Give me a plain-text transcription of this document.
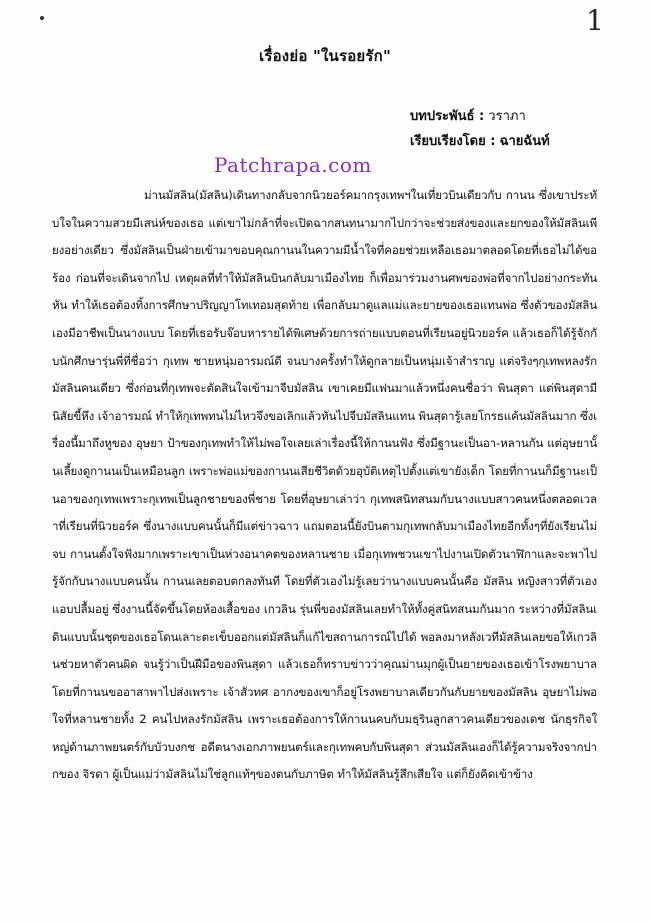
1
เรื่องย่อ "ในรอยรัก"
บทประพันธ์ : วราภา
เรียบเรียงโดย : ฉายฉันท์
Patchrapa.com

ม่านมัสลิน(มัสลิน)เดินทางกลับจากนิวยอร์คมากรุงเทพฯในเที่ยวบินเดียวกับ กานน ซึ่งเขาประทับใจในความสวยมีเสน่ห์ของเธอ แต่เขาไม่กล้าที่จะเปิดฉากสนทนามากไปกว่าจะช่วยส่งของและยกของให้มัสลินเพียงอย่างเดียว ซึ่งมัสลินเป็นฝ่ายเข้ามาขอบคุณกานนในความมีน้ำใจที่คอยช่วยเหลือเธอมาตลอดโดยที่เธอไม่ได้ขอร้อง ก่อนที่จะเดินจากไป เหตุผลที่ทำให้มัสลินบินกลับมาเมืองไทย ก็เพื่อมาร่วมงานศพของพ่อที่จากไปอย่างกระทันหัน ทำให้เธอต้องทิ้งการศึกษาปริญญาโทเทอมสุดท้าย เพื่อกลับมาดูแลแม่และยายของเธอแทนพ่อ ซึ่งตัวของมัสลินเองมีอาชีพเป็นนางแบบ โดยที่เธอรับจ๊อบหารายได้พิเศษด้วยการถ่ายแบบตอนที่เรียนอยู่นิวยอร์ค แล้วเธอก็ได้รู้จักกับนักศึกษารุ่นพี่ที่ชื่อว่า กุเทพ ชายหนุ่มอารมณ์ดี จนบางครั้งทำให้ดูกลายเป็นหนุ่มเจ้าสำราญ แต่จริงๆกุเทพหลงรักมัสลินคนเดียว ซึ่งก่อนที่กุเทพจะตัดสินใจเข้ามาจีบมัสลิน เขาเคยมีแฟนมาแล้วหนึ่งคนชื่อว่า พินสุดา แต่พินสุดามีนิสัยขี้หึง เจ้าอารมณ์ ทำให้กุเทพทนไม่ไหวจึงขอเลิกแล้วหันไปจีบมัสลินแทน พินสุดารู้เลยโกรธแค้นมัสลินมาก ซึ่งเรื่องนี้มาถึงหูของ อุษยา ป้าของกุเทพทำให้ไม่พอใจเลยเล่าเรื่องนี้ให้กานนฟัง ซึ่งมีฐานะเป็นอา-หลานกัน แต่อุษยานั้นเลี้ยงดูกานนเป็นเหมือนลูก เพราะพ่อแม่ของกานนเสียชีวิตด้วยอุบัติเหตุไปตั้งแต่เขายังเด็ก โดยที่กานนก็มีฐานะเป็นอาของกุเทพเพราะกุเทพเป็นลูกชายของพี่ชาย โดยที่อุษยาเล่าว่า กุเทพสนิทสนมกับนางแบบสาวคนหนึ่งตลอดเวลาที่เรียนที่นิวยอร์ค ซึ่งนางแบบคนนั้นก็มีแต่ข่าวฉาว แถมตอนนี้ยังบินตามกุเทพกลับมาเมืองไทยอีกทั้งๆที่ยังเรียนไม่จบ กานนตั้งใจฟังมากเพราะเขาเป็นห่วงอนาคตของหลานชาย เมื่อกุเทพชวนเขาไปงานเปิดตัวนาฬิกาและจะพาไปรู้จักกับนางแบบคนนั้น กานนเลยตอบตกลงทันที โดยที่ตัวเองไม่รู้เลยว่านางแบบคนนั้นคือ มัสลิน หญิงสาวที่ตัวเองแอบปลื้มอยู่ ซึ่งงานนี้จัดขึ้นโดยห้องเสื้อของ เกวลิน รุ่นพี่ของมัสลินเลยทำให้ทั้งคู่สนิทสนมกันมาก ระหว่างที่มัสลินเดินแบบนั้นชุดของเธอโดนเลาะตะเข็บออกแต่มัสลินก็แก้ไขสถานการณ์ไปได้ พอลงมาหลังเวทีมัสลินเลยขอให้เกวลินช่วยหาตัวคนผิด จนรู้ว่าเป็นฝีมือของพินสุดา แล้วเธอก็ทราบข่าวว่าคุณม่านมุกผู้เป็นยายของเธอเข้าโรงพยาบาล โดยที่กานนขออาสาพาไปส่งเพราะ เจ้าสัวทศ อากงของเขาก็อยู่โรงพยาบาลเดียวกันกับยายของมัสลิน อุษยาไม่พอใจที่หลานชายทั้ง 2 คนไปหลงรักมัสลิน เพราะเธอต้องการให้กานนคบกับมธุรินลูกสาวคนเดียวของเดช นักธุรกิจใหญ่ด้านภาพยนตร์กับบัวบงกช อดีตนางเอกภาพยนตร์และกุเทพคบกับพินสุดา ส่วนมัสลินเองก็ได้รู้ความจริงจากปากของ จิรดา ผู้เป็นแม่ว่ามัสลินไม่ใช่ลูกแท้ๆของตนกับภาษิต ทำให้มัสลินรู้สึกเสียใจ แต่ก็ยังคิดเข้าข้าง
